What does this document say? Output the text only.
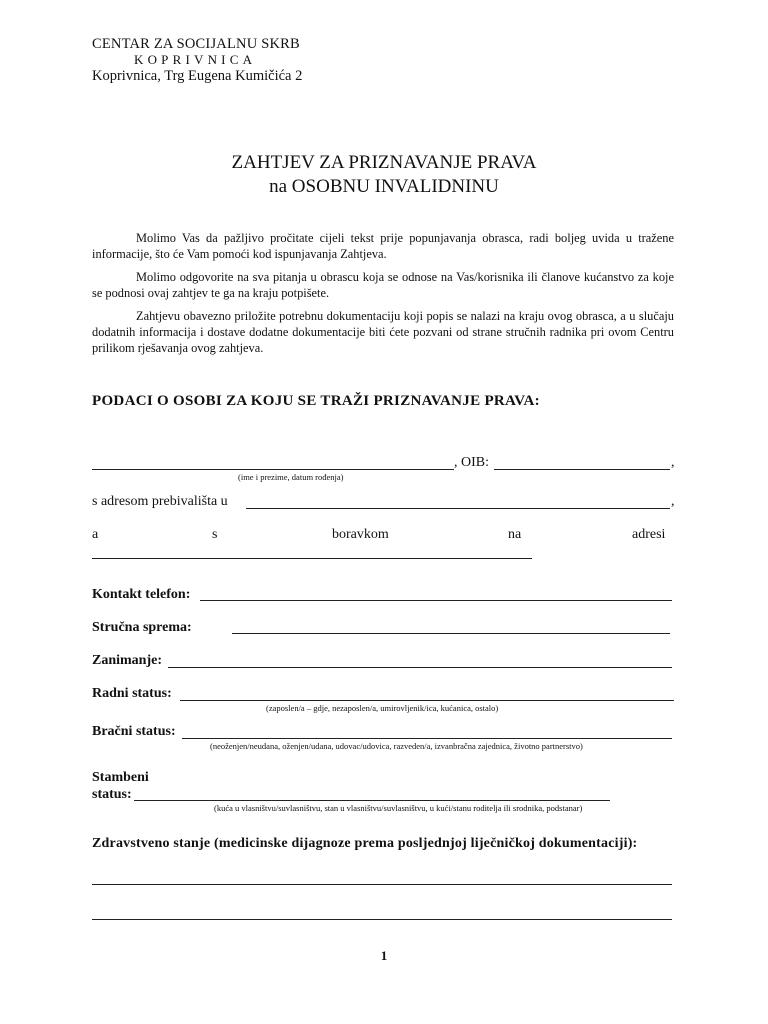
CENTAR ZA SOCIJALNU SKRB
KOPRIVNICA
Koprivnica, Trg Eugena Kumičića 2
ZAHTJEV ZA PRIZNAVANJE PRAVA
na OSOBNU INVALIDNINU
Molimo Vas da pažljivo pročitate cijeli tekst prije popunjavanja obrasca, radi boljeg uvida u tražene informacije, što će Vam pomoći kod ispunjavanja Zahtjeva.
Molimo odgovorite na sva pitanja u obrascu koja se odnose na Vas/korisnika ili članove kućanstvo za koje se podnosi ovaj zahtjev te ga na kraju potpišete.
Zahtjevu obavezno priložite potrebnu dokumentaciju koji popis se nalazi na kraju ovog obrasca, a u slučaju dodatnih informacija i dostave dodatne dokumentacije biti ćete pozvani od strane stručnih radnika pri ovom Centru prilikom rješavanja ovog zahtjeva.
PODACI O OSOBI ZA KOJU SE TRAŽI PRIZNAVANJE PRAVA:
, OIB:	,
(ime i prezime, datum rođenja)
s adresom prebivališta u	,
a	s	boravkom	na	adresi
Kontakt telefon:
Stručna sprema:
Zanimanje:
Radni status:
(zaposlen/a – gdje, nezaposlen/a, umirovljenik/ica, kućanica, ostalo)
Bračni status:
(neoženjen/neudana, oženjen/udana, udovac/udovica, razveden/a, izvanbračna zajednica, životno partnerstvo)
Stambeni
status:
(kuća u vlasništvu/suvlasništvu, stan u vlasništvu/suvlasništvu, u kući/stanu roditelja ili srodnika, podstanar)
Zdravstveno stanje (medicinske dijagnoze prema posljednjoj liječničkoj dokumentaciji):
1
